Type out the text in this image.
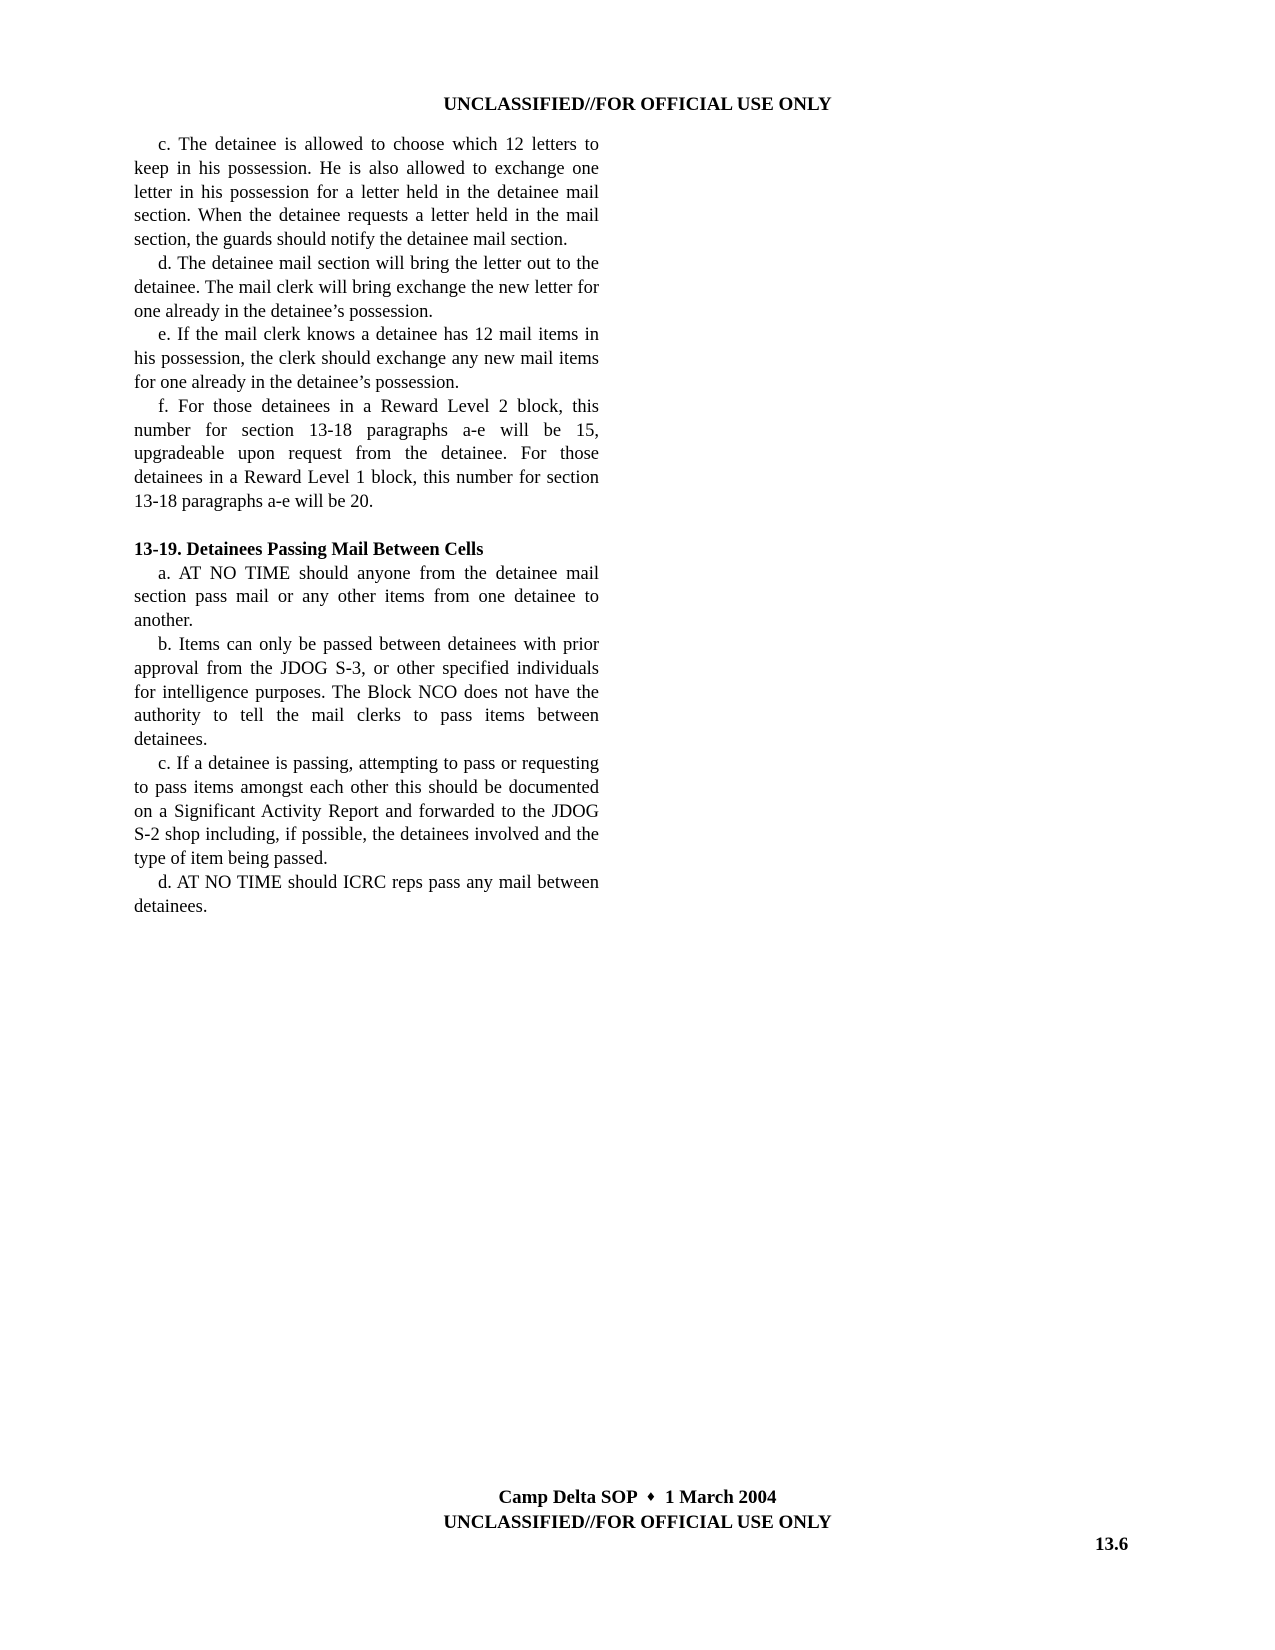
UNCLASSIFIED//FOR OFFICIAL USE ONLY

c. The detainee is allowed to choose which 12 letters to keep in his possession. He is also allowed to exchange one letter in his possession for a letter held in the detainee mail section. When the detainee requests a letter held in the mail section, the guards should notify the detainee mail section.

d. The detainee mail section will bring the letter out to the detainee. The mail clerk will bring exchange the new letter for one already in the detainee’s possession.

e. If the mail clerk knows a detainee has 12 mail items in his possession, the clerk should exchange any new mail items for one already in the detainee’s possession.

f. For those detainees in a Reward Level 2 block, this number for section 13-18 paragraphs a-e will be 15, upgradeable upon request from the detainee. For those detainees in a Reward Level 1 block, this number for section 13-18 paragraphs a-e will be 20.

13-19. Detainees Passing Mail Between Cells

a. AT NO TIME should anyone from the detainee mail section pass mail or any other items from one detainee to another.

b. Items can only be passed between detainees with prior approval from the JDOG S-3, or other specified individuals for intelligence purposes. The Block NCO does not have the authority to tell the mail clerks to pass items between detainees.

c. If a detainee is passing, attempting to pass or requesting to pass items amongst each other this should be documented on a Significant Activity Report and forwarded to the JDOG S-2 shop including, if possible, the detainees involved and the type of item being passed.

d. AT NO TIME should ICRC reps pass any mail between detainees.

Camp Delta SOP ♦ 1 March 2004
UNCLASSIFIED//FOR OFFICIAL USE ONLY
13.6
